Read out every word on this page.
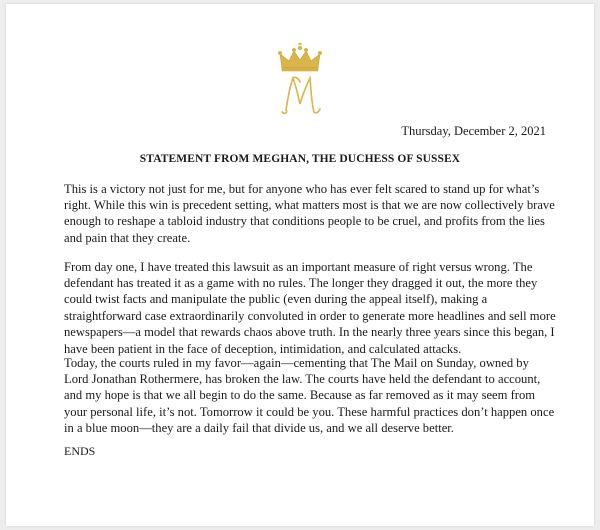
Thursday, December 2, 2021
STATEMENT FROM MEGHAN, THE DUCHESS OF SUSSEX

This is a victory not just for me, but for anyone who has ever felt scared to stand up for what’s right. While this win is precedent setting, what matters most is that we are now collectively brave enough to reshape a tabloid industry that conditions people to be cruel, and profits from the lies and pain that they create.

From day one, I have treated this lawsuit as an important measure of right versus wrong. The defendant has treated it as a game with no rules. The longer they dragged it out, the more they could twist facts and manipulate the public (even during the appeal itself), making a straightforward case extraordinarily convoluted in order to generate more headlines and sell more newspapers—a model that rewards chaos above truth. In the nearly three years since this began, I have been patient in the face of deception, intimidation, and calculated attacks.

Today, the courts ruled in my favor—again—cementing that The Mail on Sunday, owned by Lord Jonathan Rothermere, has broken the law. The courts have held the defendant to account, and my hope is that we all begin to do the same. Because as far removed as it may seem from your personal life, it’s not. Tomorrow it could be you. These harmful practices don’t happen once in a blue moon—they are a daily fail that divide us, and we all deserve better.

ENDS
